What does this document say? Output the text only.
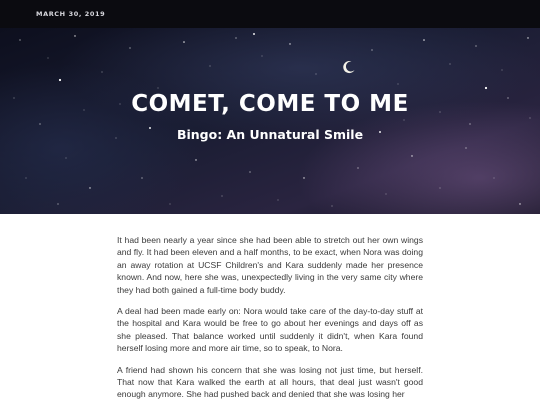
MARCH 30, 2019
COMET, COME TO ME
Bingo: An Unnatural Smile

It had been nearly a year since she had been able to stretch out her own wings and fly. It had been eleven and a half months, to be exact, when Nora was doing an away rotation at UCSF Children's and Kara suddenly made her presence known. And now, here she was, unexpectedly living in the very same city where they had both gained a full-time body buddy.

A deal had been made early on: Nora would take care of the day-to-day stuff at the hospital and Kara would be free to go about her evenings and days off as she pleased. That balance worked until suddenly it didn't, when Kara found herself losing more and more air time, so to speak, to Nora.

A friend had shown his concern that she was losing not just time, but herself. That now that Kara walked the earth at all hours, that deal just wasn't good enough anymore. She had pushed back and denied that she was losing her
